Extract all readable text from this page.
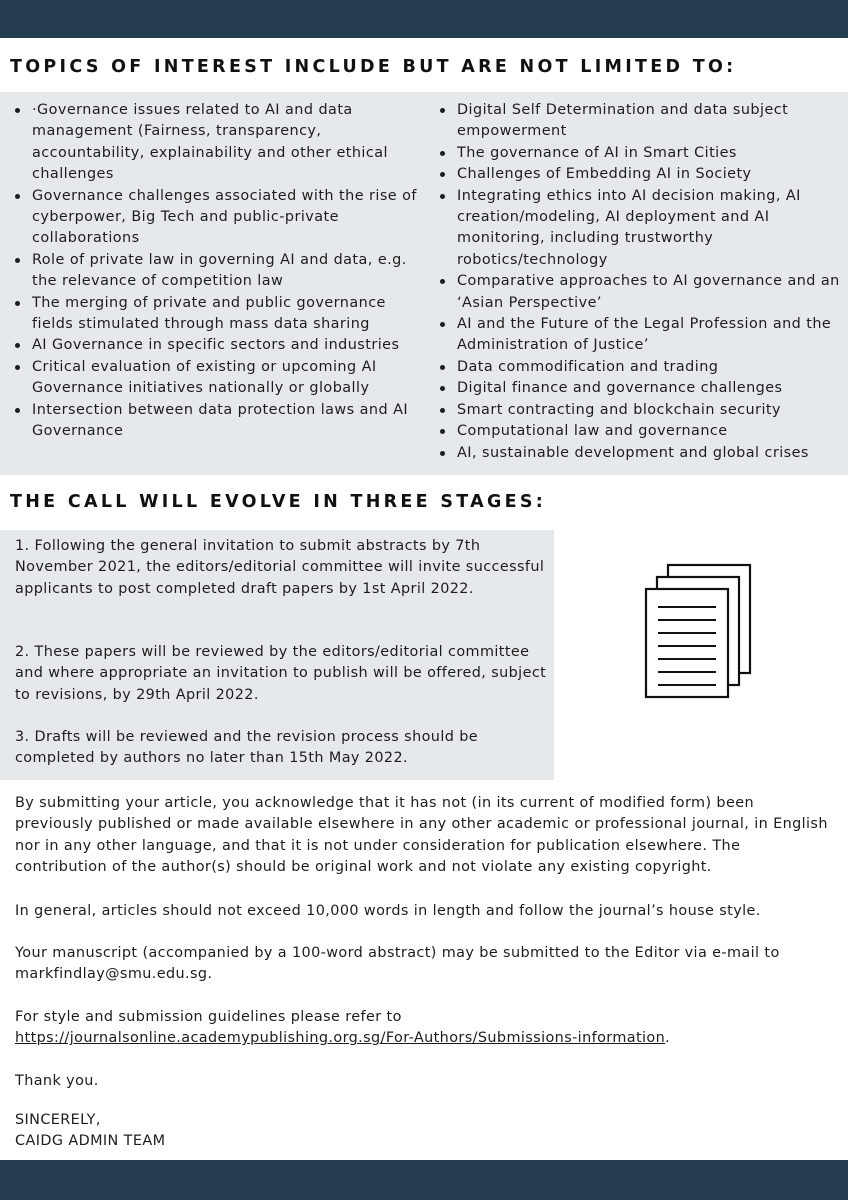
TOPICS OF INTEREST INCLUDE BUT ARE NOT LIMITED TO:
·Governance issues related to AI and data management (Fairness, transparency, accountability, explainability and other ethical challenges
Governance challenges associated with the rise of cyberpower, Big Tech and public-private collaborations
Role of private law in governing AI and data, e.g. the relevance of competition law
The merging of private and public governance fields stimulated through mass data sharing
AI Governance in specific sectors and industries
Critical evaluation of existing or upcoming AI Governance initiatives nationally or globally
Intersection between data protection laws and AI Governance
Digital Self Determination and data subject empowerment
The governance of AI in Smart Cities
Challenges of Embedding AI in Society
Integrating ethics into AI decision making, AI creation/modeling, AI deployment and AI monitoring, including trustworthy robotics/technology
Comparative approaches to AI governance and an ‘Asian Perspective’
AI and the Future of the Legal Profession and the Administration of Justice’
Data commodification and trading
Digital finance and governance challenges
Smart contracting and blockchain security
Computational law and governance
AI, sustainable development and global crises
THE CALL WILL EVOLVE IN THREE STAGES:

1. Following the general invitation to submit abstracts by 7th November 2021, the editors/editorial committee will invite successful applicants to post completed draft papers by 1st April 2022.

2. These papers will be reviewed by the editors/editorial committee and where appropriate an invitation to publish will be offered, subject to revisions, by 29th April 2022.

3. Drafts will be reviewed and the revision process should be completed by authors no later than 15th May 2022.

By submitting your article, you acknowledge that it has not (in its current of modified form) been previously published or made available elsewhere in any other academic or professional journal, in English nor in any other language, and that it is not under consideration for publication elsewhere. The contribution of the author(s) should be original work and not violate any existing copyright.

In general, articles should not exceed 10,000 words in length and follow the journal’s house style.

Your manuscript (accompanied by a 100-word abstract) may be submitted to the Editor via e-mail to markfindlay@smu.edu.sg.

For style and submission guidelines please refer to
https://journalsonline.academypublishing.org.sg/For-Authors/Submissions-information.

Thank you.

SINCERELY,
CAIDG ADMIN TEAM
